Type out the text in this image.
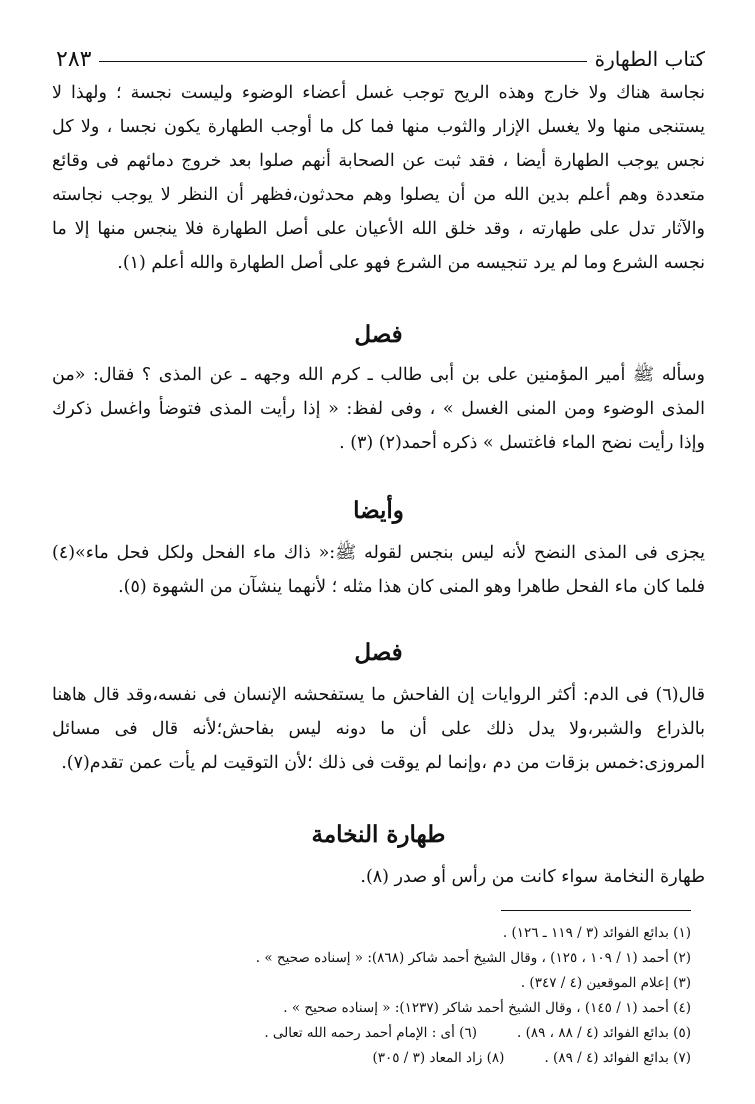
كتاب الطهارة
٢٨٣

نجاسة هناك ولا خارج وهذه الريح توجب غسل أعضاء الوضوء وليست نجسة ؛ ولهذا لا يستنجى منها ولا يغسل الإزار والثوب منها فما كل ما أوجب الطهارة يكون نجسا ، ولا كل نجس يوجب الطهارة أيضا ، فقد ثبت عن الصحابة أنهم صلوا بعد خروج دمائهم فى وقائع متعددة وهم أعلم بدين الله من أن يصلوا وهم محدثون،فظهر أن النظر لا يوجب نجاسته والآثار تدل على طهارته ، وقد خلق الله الأعيان على أصل الطهارة فلا ينجس منها إلا ما نجسه الشرع وما لم يرد تنجيسه من الشرع فهو على أصل الطهارة والله أعلم (١).

فصل

وسأله ﷺ أمير المؤمنين على بن أبى طالب ـ كرم الله وجهه ـ عن المذى ؟ فقال: «من المذى الوضوء ومن المنى الغسل » ، وفى لفظ: « إذا رأيت المذى فتوضأ واغسل ذكرك وإذا رأيت نضح الماء فاغتسل » ذكره أحمد(٢) (٣) .

وأيضا

يجزى فى المذى النضح لأنه ليس بنجس لقوله ﷺ:« ذاك ماء الفحل ولكل فحل ماء»(٤) فلما كان ماء الفحل طاهرا وهو المنى كان هذا مثله ؛ لأنهما ينشآن من الشهوة (٥).

فصل

قال(٦) فى الدم: أكثر الروايات إن الفاحش ما يستفحشه الإنسان فى نفسه،وقد قال هاهنا بالذراع والشبر،ولا يدل ذلك على أن ما دونه ليس بفاحش؛لأنه قال فى مسائل المروزى:خمس بزقات من دم ،وإنما لم يوقت فى ذلك ؛لأن التوقيت لم يأت عمن تقدم(٧).

طهارة النخامة

طهارة النخامة سواء كانت من رأس أو صدر (٨).

(١) بدائع الفوائد (٣ / ١١٩ ـ ١٢٦) .
(٢) أحمد (١ / ١٠٩ ، ١٢٥) ، وقال الشيخ أحمد شاكر (٨٦٨): « إسناده صحيح » .
(٣) إعلام الموقعين (٤ / ٣٤٧) .
(٤) أحمد (١ / ١٤٥) ، وقال الشيخ أحمد شاكر (١٢٣٧): « إسناده صحيح » .
(٥) بدائع الفوائد (٤ / ٨٨ ، ٨٩) .
(٦) أى : الإمام أحمد رحمه الله تعالى .
(٧) بدائع الفوائد (٤ / ٨٩) .
(٨) زاد المعاد (٣ / ٣٠٥)
